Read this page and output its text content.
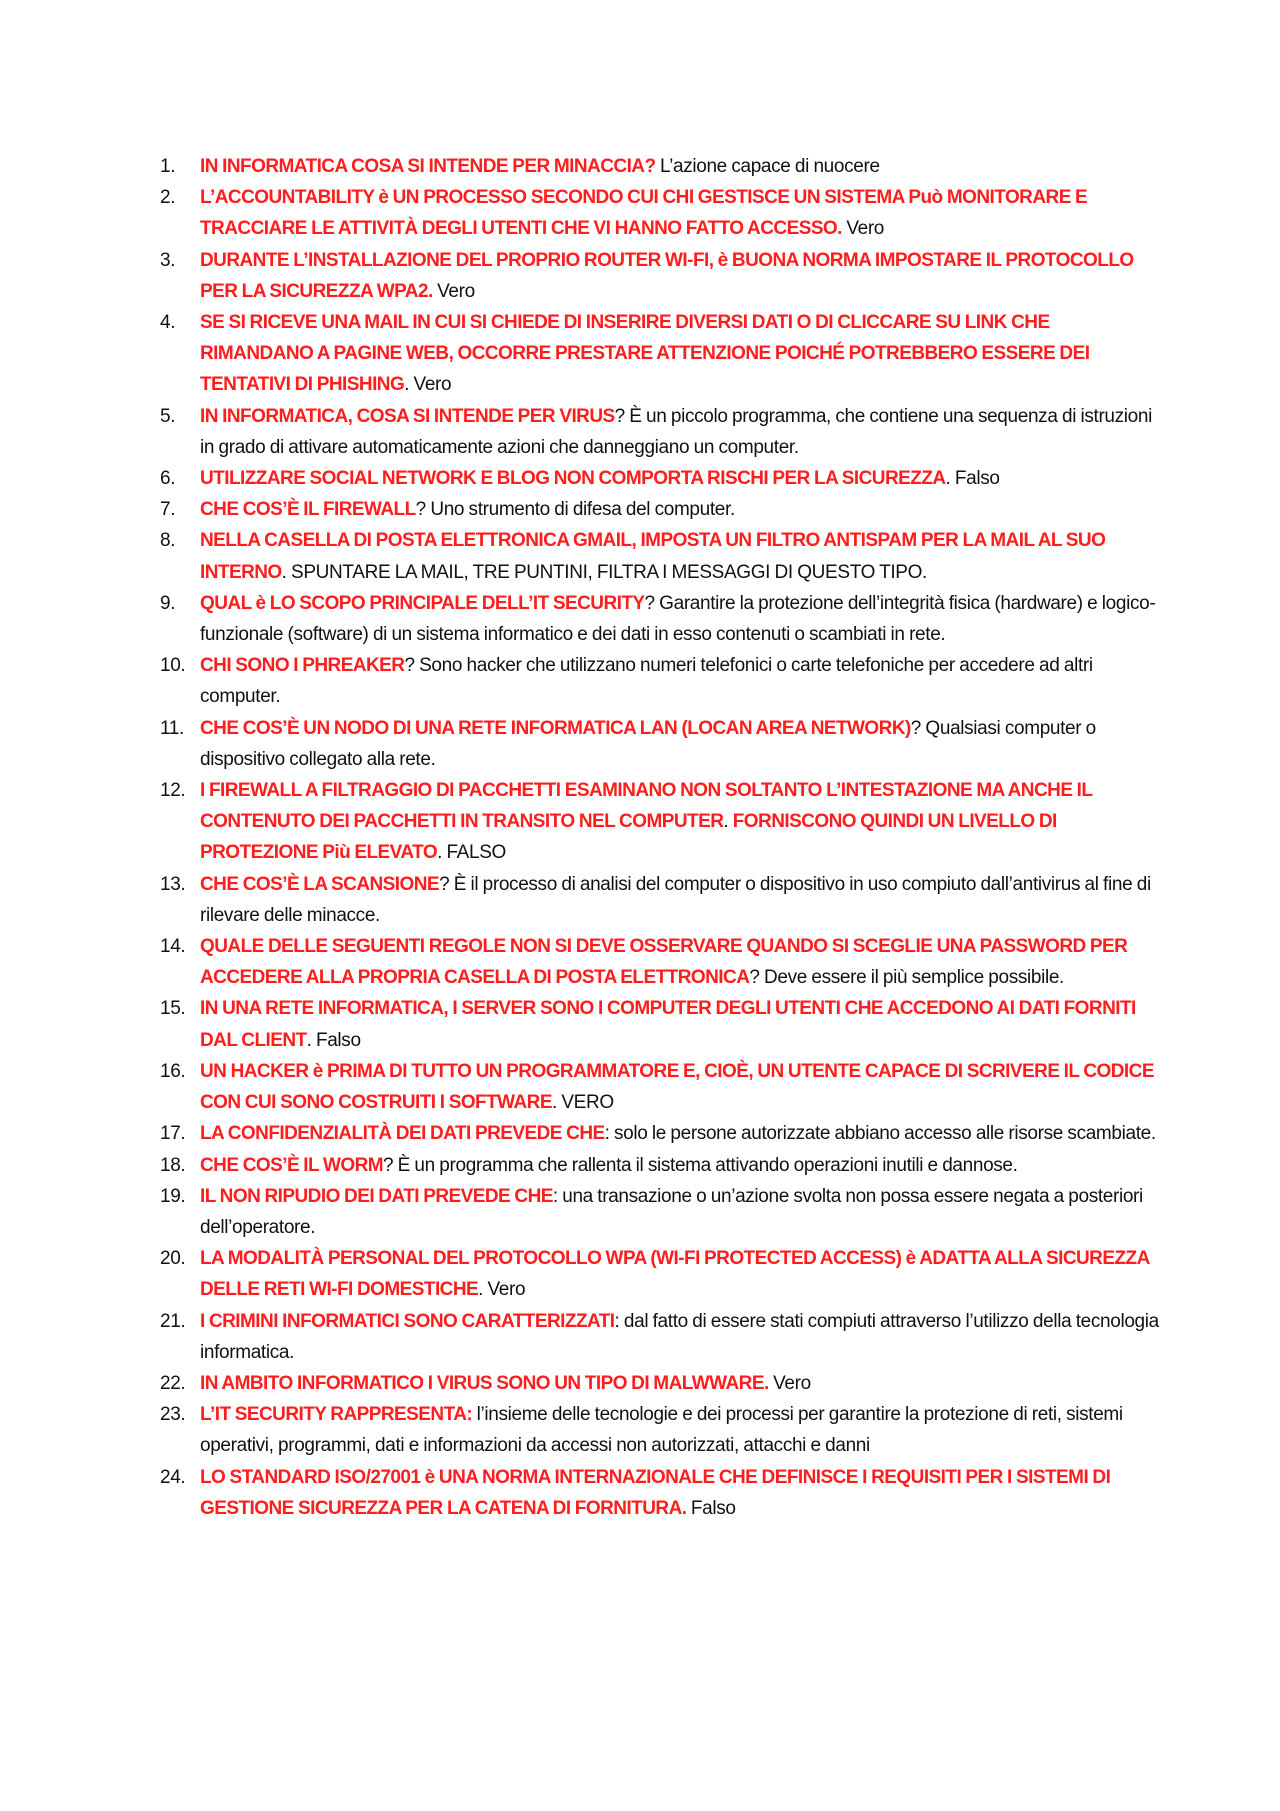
1. IN INFORMATICA COSA SI INTENDE PER MINACCIA? L’azione capace di nuocere
2. L’ACCOUNTABILITY è UN PROCESSO SECONDO CUI CHI GESTISCE UN SISTEMA Può MONITORARE E TRACCIARE LE ATTIVITÀ DEGLI UTENTI CHE VI HANNO FATTO ACCESSO. Vero
3. DURANTE L’INSTALLAZIONE DEL PROPRIO ROUTER WI-FI, è BUONA NORMA IMPOSTARE IL PROTOCOLLO PER LA SICUREZZA WPA2. Vero
4. SE SI RICEVE UNA MAIL IN CUI SI CHIEDE DI INSERIRE DIVERSI DATI O DI CLICCARE SU LINK CHE RIMANDANO A PAGINE WEB, OCCORRE PRESTARE ATTENZIONE POICHÉ POTREBBERO ESSERE DEI TENTATIVI DI PHISHING. Vero
5. IN INFORMATICA, COSA SI INTENDE PER VIRUS? È un piccolo programma, che contiene una sequenza di istruzioni in grado di attivare automaticamente azioni che danneggiano un computer.
6. UTILIZZARE SOCIAL NETWORK E BLOG NON COMPORTA RISCHI PER LA SICUREZZA. Falso
7. CHE COS’È IL FIREWALL? Uno strumento di difesa del computer.
8. NELLA CASELLA DI POSTA ELETTRONICA GMAIL, IMPOSTA UN FILTRO ANTISPAM PER LA MAIL AL SUO INTERNO. SPUNTARE LA MAIL, TRE PUNTINI, FILTRA I MESSAGGI DI QUESTO TIPO.
9. QUAL è LO SCOPO PRINCIPALE DELL’IT SECURITY? Garantire la protezione dell’integrità fisica (hardware) e logico-funzionale (software) di un sistema informatico e dei dati in esso contenuti o scambiati in rete.
10. CHI SONO I PHREAKER? Sono hacker che utilizzano numeri telefonici o carte telefoniche per accedere ad altri computer.
11. CHE COS’È UN NODO DI UNA RETE INFORMATICA LAN (LOCAN AREA NETWORK)? Qualsiasi computer o dispositivo collegato alla rete.
12. I FIREWALL A FILTRAGGIO DI PACCHETTI ESAMINANO NON SOLTANTO L’INTESTAZIONE MA ANCHE IL CONTENUTO DEI PACCHETTI IN TRANSITO NEL COMPUTER. FORNISCONO QUINDI UN LIVELLO DI PROTEZIONE Più ELEVATO. FALSO
13. CHE COS’È LA SCANSIONE? È il processo di analisi del computer o dispositivo in uso compiuto dall’antivirus al fine di rilevare delle minacce.
14. QUALE DELLE SEGUENTI REGOLE NON SI DEVE OSSERVARE QUANDO SI SCEGLIE UNA PASSWORD PER ACCEDERE ALLA PROPRIA CASELLA DI POSTA ELETTRONICA? Deve essere il più semplice possibile.
15. IN UNA RETE INFORMATICA, I SERVER SONO I COMPUTER DEGLI UTENTI CHE ACCEDONO AI DATI FORNITI DAL CLIENT. Falso
16. UN HACKER è PRIMA DI TUTTO UN PROGRAMMATORE E, CIOÈ, UN UTENTE CAPACE DI SCRIVERE IL CODICE CON CUI SONO COSTRUITI I SOFTWARE. VERO
17. LA CONFIDENZIALITÀ DEI DATI PREVEDE CHE: solo le persone autorizzate abbiano accesso alle risorse scambiate.
18. CHE COS’È IL WORM? È un programma che rallenta il sistema attivando operazioni inutili e dannose.
19. IL NON RIPUDIO DEI DATI PREVEDE CHE: una transazione o un’azione svolta non possa essere negata a posteriori dell’operatore.
20. LA MODALITÀ PERSONAL DEL PROTOCOLLO WPA (WI-FI PROTECTED ACCESS) è ADATTA ALLA SICUREZZA DELLE RETI WI-FI DOMESTICHE. Vero
21. I CRIMINI INFORMATICI SONO CARATTERIZZATI: dal fatto di essere stati compiuti attraverso l’utilizzo della tecnologia informatica.
22. IN AMBITO INFORMATICO I VIRUS SONO UN TIPO DI MALWWARE. Vero
23. L’IT SECURITY RAPPRESENTA: l’insieme delle tecnologie e dei processi per garantire la protezione di reti, sistemi operativi, programmi, dati e informazioni da accessi non autorizzati, attacchi e danni
24. LO STANDARD ISO/27001 è UNA NORMA INTERNAZIONALE CHE DEFINISCE I REQUISITI PER I SISTEMI DI GESTIONE SICUREZZA PER LA CATENA DI FORNITURA. Falso
